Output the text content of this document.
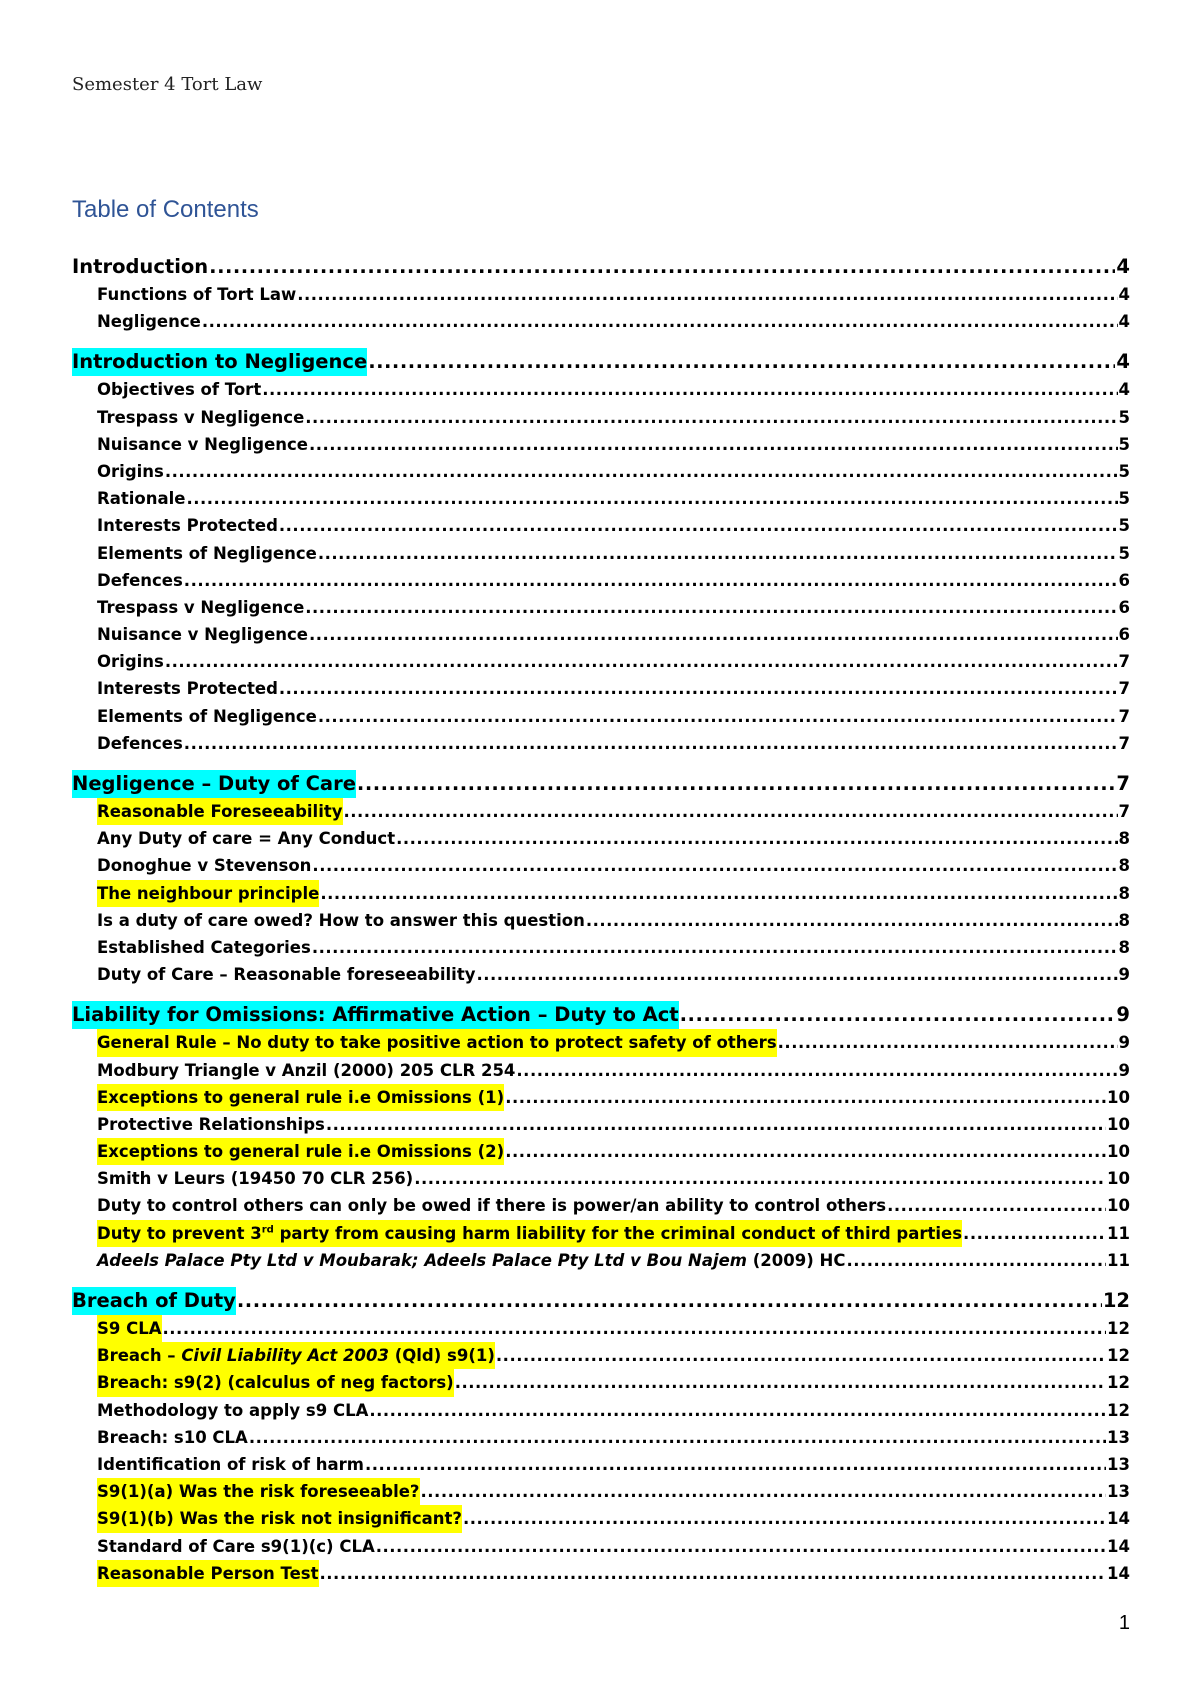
Semester 4 Tort Law
Table of Contents
Introduction .....	4
Functions of Tort Law .....	4
Negligence .....	4
Introduction to Negligence .....	4
Objectives of Tort .....	4
Trespass v Negligence .....	5
Nuisance v Negligence .....	5
Origins .....	5
Rationale .....	5
Interests Protected .....	5
Elements of Negligence .....	5
Defences .....	6
Trespass v Negligence .....	6
Nuisance v Negligence .....	6
Origins .....	7
Interests Protected .....	7
Elements of Negligence .....	7
Defences .....	7
Negligence – Duty of Care .....	7
Reasonable Foreseeability .....	7
Any Duty of care = Any Conduct .....	8
Donoghue v Stevenson .....	8
The neighbour principle .....	8
Is a duty of care owed? How to answer this question .....	8
Established Categories .....	8
Duty of Care – Reasonable foreseeability .....	9
Liability for Omissions: Affirmative Action – Duty to Act .....	9
General Rule – No duty to take positive action to protect safety of others .....	9
Modbury Triangle v Anzil (2000) 205 CLR 254 .....	9
Exceptions to general rule i.e Omissions (1) .....	10
Protective Relationships .....	10
Exceptions to general rule i.e Omissions (2) .....	10
Smith v Leurs (19450 70 CLR 256) .....	10
Duty to control others can only be owed if there is power/an ability to control others .....	10
Duty to prevent 3rd party from causing harm liability for the criminal conduct of third parties .....	11
Adeels Palace Pty Ltd v Moubarak; Adeels Palace Pty Ltd v Bou Najem (2009) HC .....	11
Breach of Duty .....	12
S9 CLA .....	12
Breach – Civil Liability Act 2003 (Qld) s9(1) .....	12
Breach: s9(2) (calculus of neg factors) .....	12
Methodology to apply s9 CLA .....	12
Breach: s10 CLA .....	13
Identification of risk of harm .....	13
S9(1)(a) Was the risk foreseeable? .....	13
S9(1)(b) Was the risk not insignificant? .....	14
Standard of Care s9(1)(c) CLA .....	14
Reasonable Person Test .....	14
1
